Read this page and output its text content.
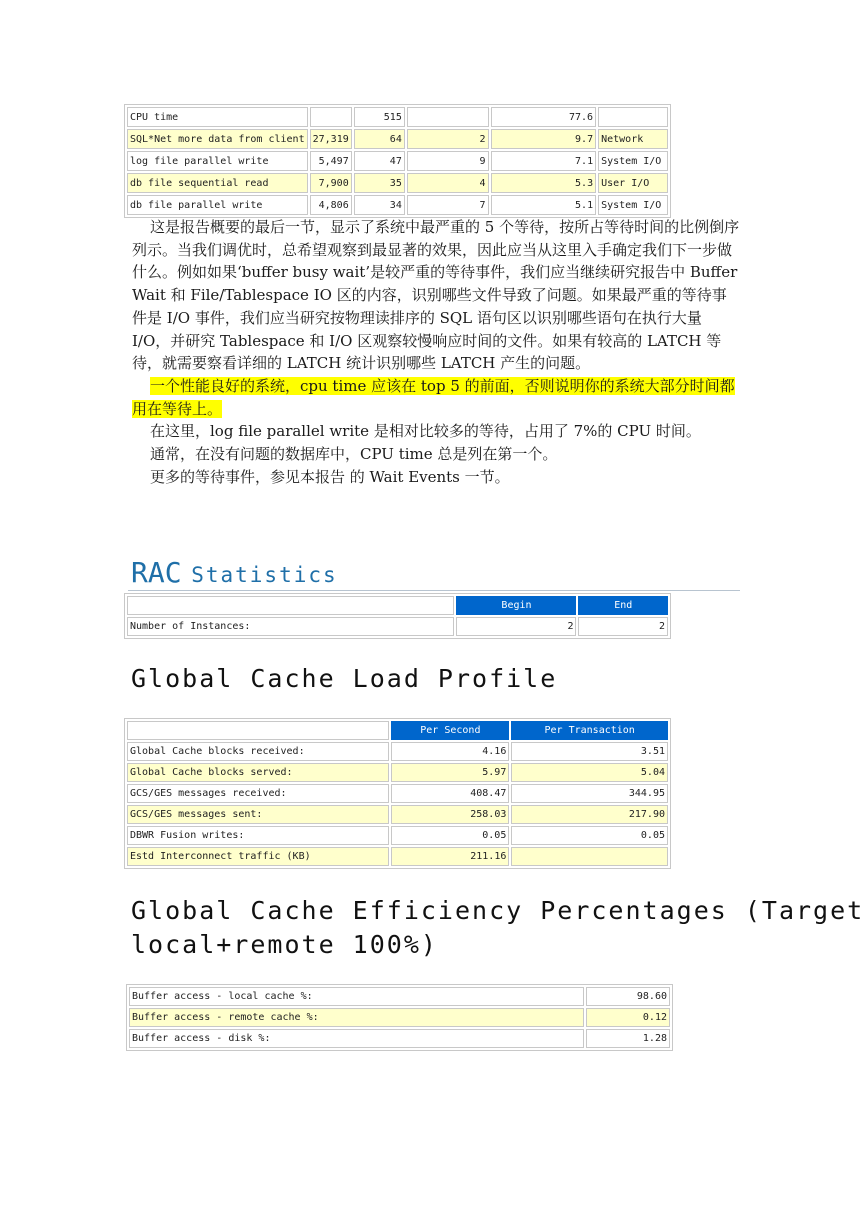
CPU time		515		77.6	
SQL*Net more data from client	27,319	64	2	9.7	Network
log file parallel write	5,497	47	9	7.1	System I/O
db file sequential read	7,900	35	4	5.3	User I/O
db file parallel write	4,806	34	7	5.1	System I/O

这是报告概要的最后一节，显示了系统中最严重的 5 个等待，按所占等待时间的比例倒序列示。当我们调优时，总希望观察到最显著的效果，因此应当从这里入手确定我们下一步做什么。例如如果‘buffer busy wait’是较严重的等待事件，我们应当继续研究报告中 Buffer Wait 和 File/Tablespace IO 区的内容，识别哪些文件导致了问题。如果最严重的等待事件是 I/O 事件，我们应当研究按物理读排序的 SQL 语句区以识别哪些语句在执行大量 I/O，并研究 Tablespace 和 I/O 区观察较慢响应时间的文件。如果有较高的 LATCH 等待，就需要察看详细的 LATCH 统计识别哪些 LATCH 产生的问题。

一个性能良好的系统，cpu time 应该在 top 5 的前面，否则说明你的系统大部分时间都用在等待上。

在这里，log file parallel write 是相对比较多的等待，占用了 7%的 CPU 时间。

通常，在没有问题的数据库中，CPU time 总是列在第一个。

更多的等待事件，参见本报告 的 Wait Events 一节。

RAC Statistics
	Begin	End
Number of Instances:	2	2
Global Cache Load Profile
	Per Second	Per Transaction
Global Cache blocks received:	4.16	3.51
Global Cache blocks served:	5.97	5.04
GCS/GES messages received:	408.47	344.95
GCS/GES messages sent:	258.03	217.90
DBWR Fusion writes:	0.05	0.05
Estd Interconnect traffic (KB)	211.16	
Global Cache Efficiency Percentages (Target
local+remote 100%)
Buffer access - local cache %:	98.60
Buffer access - remote cache %:	0.12
Buffer access - disk %:	1.28
